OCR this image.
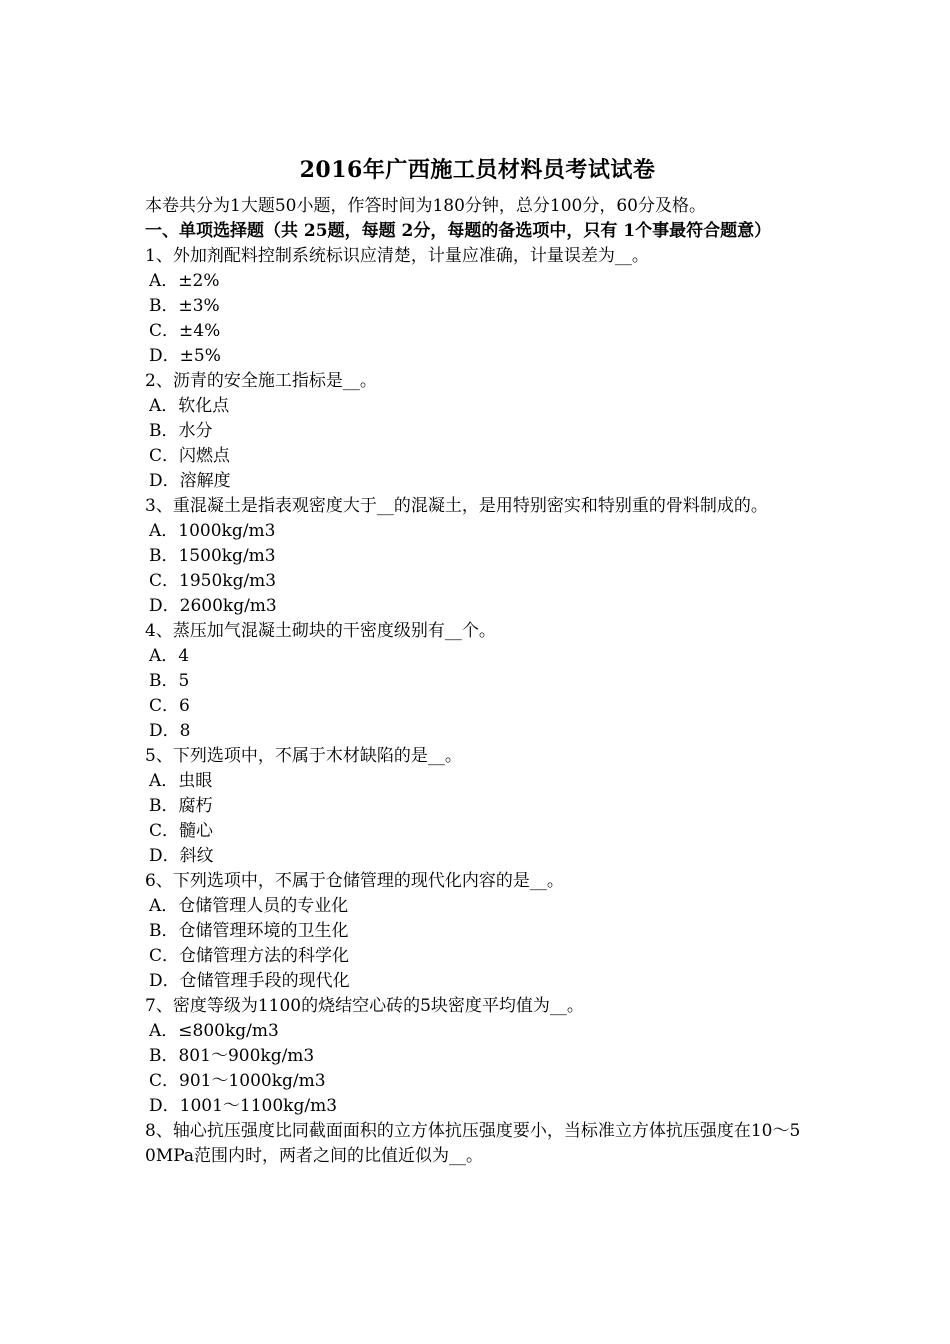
2016年广西施工员材料员考试试卷
本卷共分为1大题50小题，作答时间为180分钟，总分100分，60分及格。
一、单项选择题（共 25题，每题 2分，每题的备选项中，只有 1个事最符合题意）
1、外加剂配料控制系统标识应清楚，计量应准确，计量误差为__。
A．±2%
B．±3%
C．±4%
D．±5%
2、沥青的安全施工指标是__。
A．软化点
B．水分
C．闪燃点
D．溶解度
3、重混凝土是指表观密度大于__的混凝土，是用特别密实和特别重的骨料制成的。
A．1000kg/m3
B．1500kg/m3
C．1950kg/m3
D．2600kg/m3
4、蒸压加气混凝土砌块的干密度级别有__个。
A．4
B．5
C．6
D．8
5、下列选项中，不属于木材缺陷的是__。
A．虫眼
B．腐朽
C．髓心
D．斜纹
6、下列选项中，不属于仓储管理的现代化内容的是__。
A．仓储管理人员的专业化
B．仓储管理环境的卫生化
C．仓储管理方法的科学化
D．仓储管理手段的现代化
7、密度等级为1100的烧结空心砖的5块密度平均值为__。
A．≤800kg/m3
B．801～900kg/m3
C．901～1000kg/m3
D．1001～1100kg/m3
8、轴心抗压强度比同截面面积的立方体抗压强度要小，当标准立方体抗压强度在10～50MPa范围内时，两者之间的比值近似为__。
